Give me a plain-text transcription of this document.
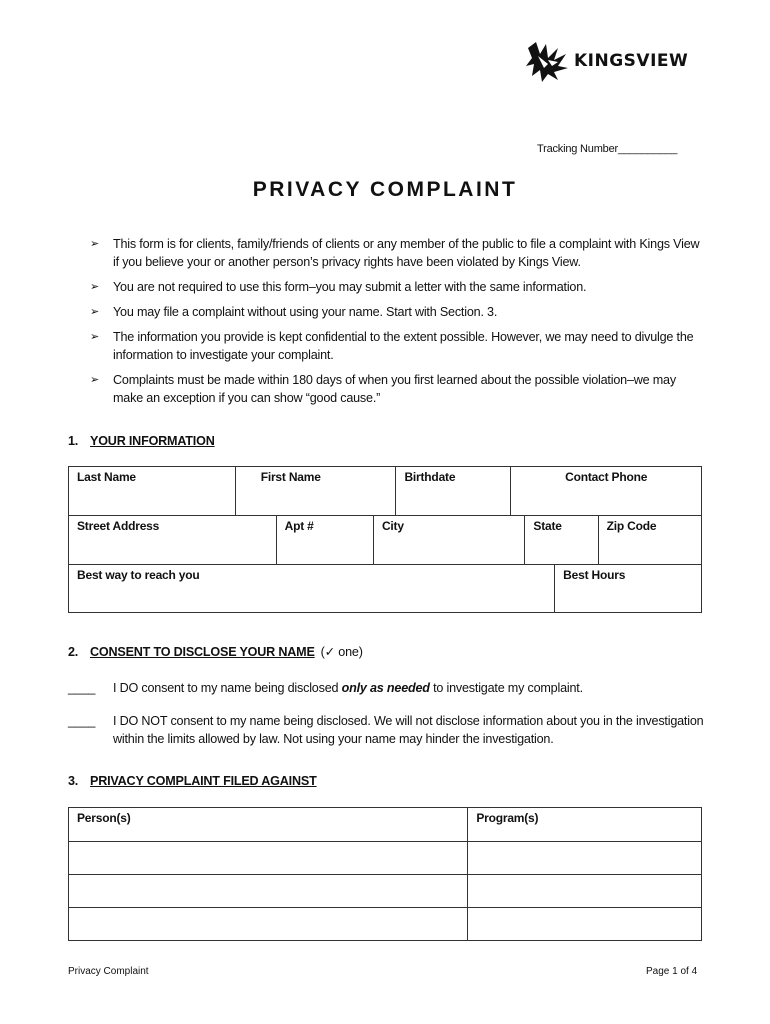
KINGSVIEW
Tracking Number__________
PRIVACY COMPLAINT
➢ This form is for clients, family/friends of clients or any member of the public to file a complaint with Kings View if you believe your or another person’s privacy rights have been violated by Kings View.
➢ You are not required to use this form–you may submit a letter with the same information.
➢ You may file a complaint without using your name. Start with Section. 3.
➢ The information you provide is kept confidential to the extent possible. However, we may need to divulge the information to investigate your complaint.
➢ Complaints must be made within 180 days of when you first learned about the possible violation–we may make an exception if you can show “good cause.”
1. YOUR INFORMATION
Last Name	First Name	Birthdate	Contact Phone
Street Address	Apt #	City	State	Zip Code
Best way to reach you	Best Hours
2. CONSENT TO DISCLOSE YOUR NAME (✓ one)
____ I DO consent to my name being disclosed only as needed to investigate my complaint.
____ I DO NOT consent to my name being disclosed. We will not disclose information about you in the investigation within the limits allowed by law. Not using your name may hinder the investigation.
3. PRIVACY COMPLAINT FILED AGAINST
Person(s)	Program(s)

Privacy Complaint	Page 1 of 4
